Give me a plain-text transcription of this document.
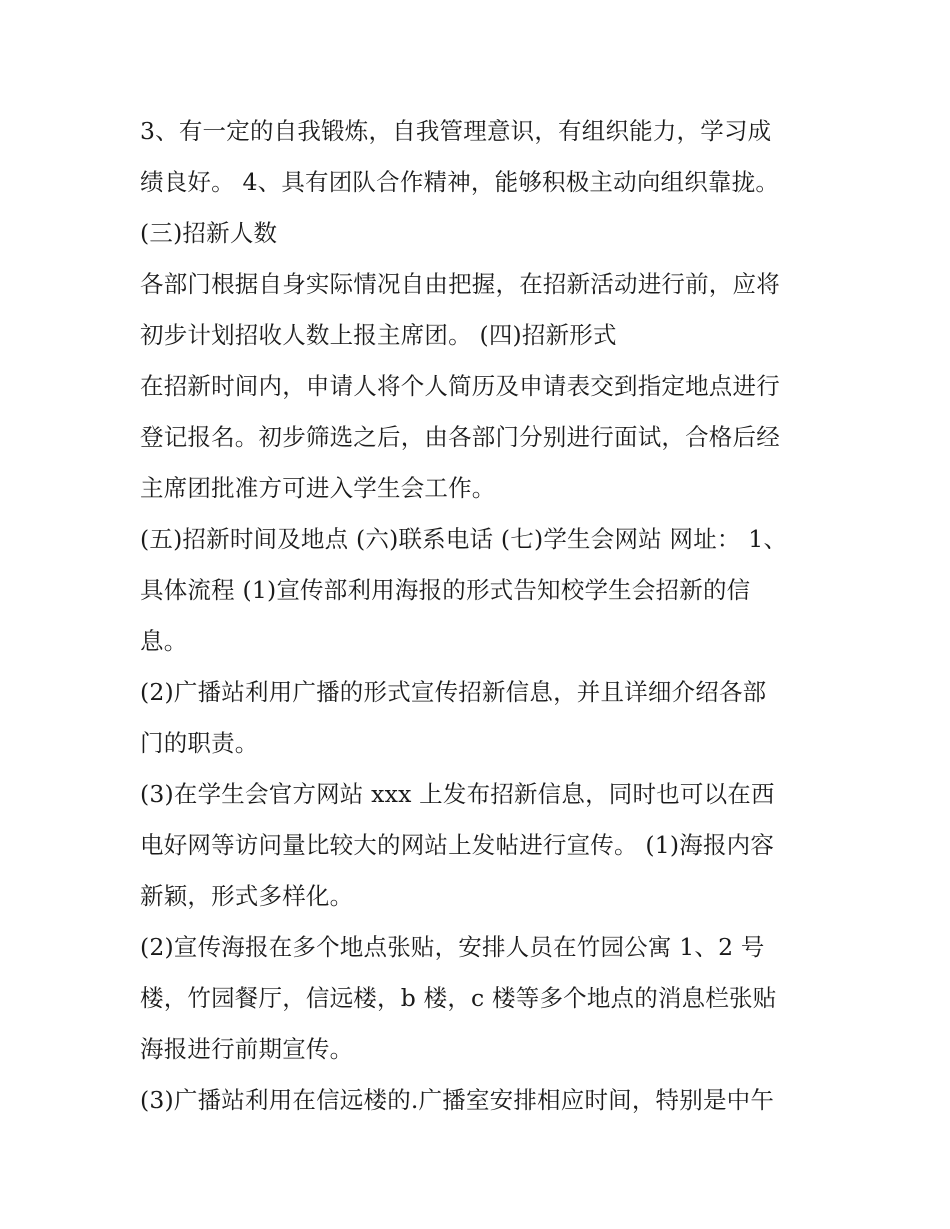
3、有一定的自我锻炼，自我管理意识，有组织能力，学习成
绩良好。 4、具有团队合作精神，能够积极主动向组织靠拢。
(三)招新人数
各部门根据自身实际情况自由把握，在招新活动进行前，应将
初步计划招收人数上报主席团。 (四)招新形式
在招新时间内，申请人将个人简历及申请表交到指定地点进行
登记报名。初步筛选之后，由各部门分别进行面试，合格后经
主席团批准方可进入学生会工作。
(五)招新时间及地点 (六)联系电话 (七)学生会网站 网址： 1、
具体流程 (1)宣传部利用海报的形式告知校学生会招新的信
息。
(2)广播站利用广播的形式宣传招新信息，并且详细介绍各部
门的职责。
(3)在学生会官方网站 xxx 上发布招新信息，同时也可以在西
电好网等访问量比较大的网站上发帖进行宣传。 (1)海报内容
新颖，形式多样化。
(2)宣传海报在多个地点张贴，安排人员在竹园公寓 1、2 号
楼，竹园餐厅，信远楼，b 楼，c 楼等多个地点的消息栏张贴
海报进行前期宣传。
(3)广播站利用在信远楼的.广播室安排相应时间，特别是中午
